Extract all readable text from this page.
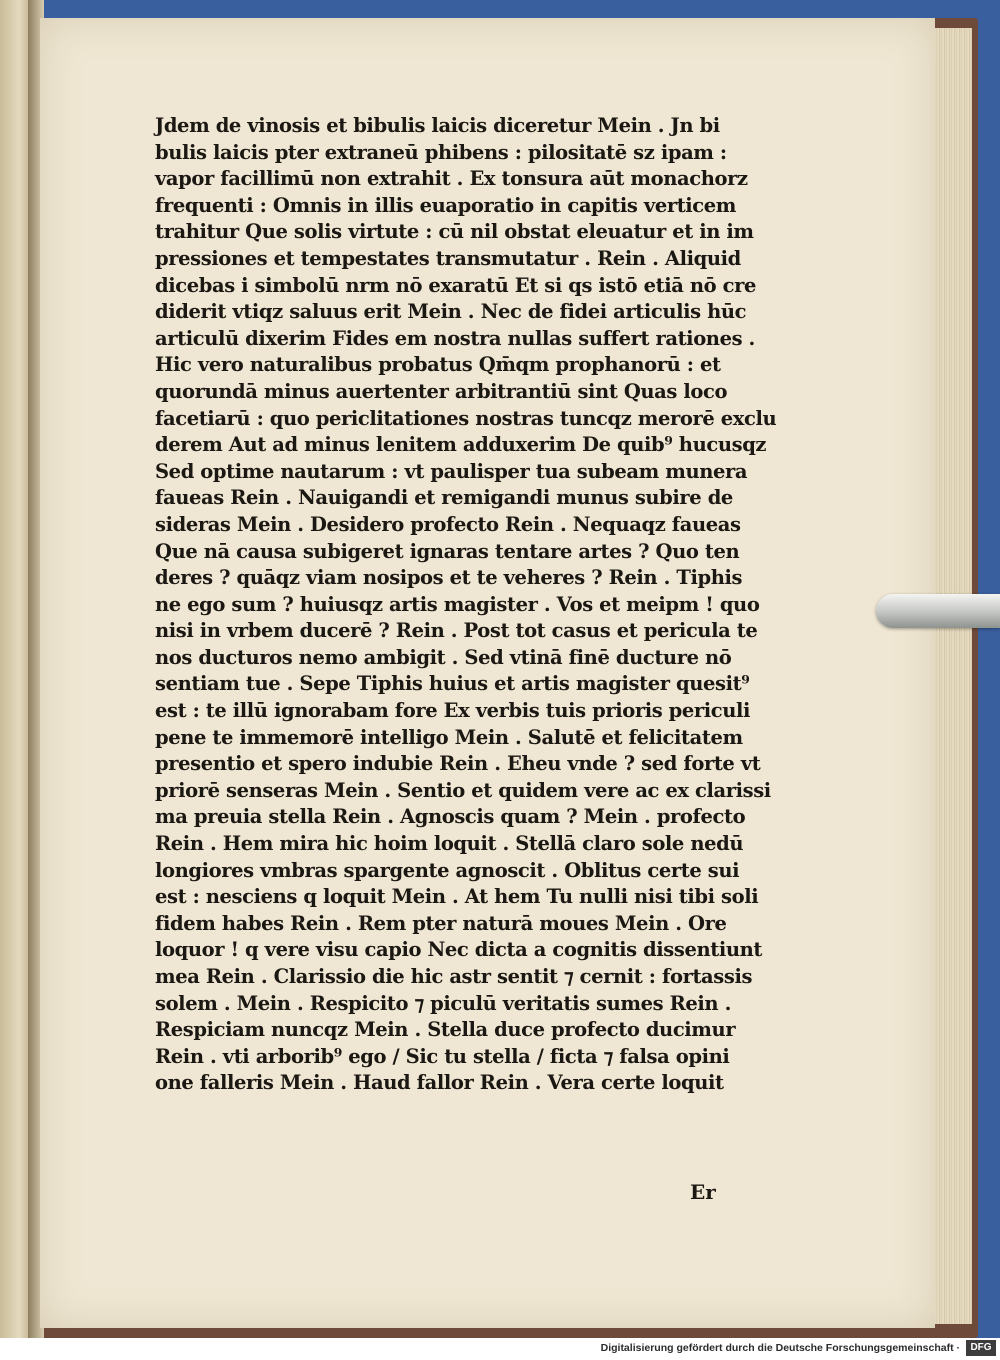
Jdem de vinosis et bibulis laicis diceretur Mein . Jn bi
bulis laicis pter extraneū phibens : pilositatē sz ipam :
vapor facillimū non extrahit . Ex tonsura aūt monachorz
frequenti : Omnis in illis euaporatio in capitis verticem
trahitur Que solis virtute : cū nil obstat eleuatur et in im
pressiones et tempestates transmutatur . Rein . Aliquid
dicebas i simbolū nrm nō exaratū Et si qs istō etiā nō cre
diderit vtiqz saluus erit Mein . Nec de fidei articulis hūc
articulū dixerim Fides em nostra nullas suffert rationes .
Hic vero naturalibus probatus Qm̄qm prophanorū : et
quorundā minus auertenter arbitrantiū sint Quas loco
facetiarū : quo periclitationes nostras tuncqz merorē exclu
derem Aut ad minus lenitem adduxerim De quib⁹ hucusqz
Sed optime nautarum : vt paulisper tua subeam munera
faueas Rein . Nauigandi et remigandi munus subire de
sideras Mein . Desidero profecto Rein . Nequaqz faueas
Que nā causa subigeret ignaras tentare artes ? Quo ten
deres ? quāqz viam nosipos et te veheres ? Rein . Tiphis
ne ego sum ? huiusqz artis magister . Vos et meipm ! quo
nisi in vrbem ducerē ? Rein . Post tot casus et pericula te
nos ducturos nemo ambigit . Sed vtinā finē ducture nō
sentiam tue . Sepe Tiphis huius et artis magister quesit⁹
est : te illū ignorabam fore Ex verbis tuis prioris periculi
pene te immemorē intelligo Mein . Salutē et felicitatem
presentio et spero indubie Rein . Eheu vnde ? sed forte vt
priorē senseras Mein . Sentio et quidem vere ac ex clarissi
ma preuia stella Rein . Agnoscis quam ? Mein . profecto
Rein . Hem mira hic hoim loquit . Stellā claro sole nedū
longiores vmbras spargente agnoscit . Oblitus certe sui
est : nesciens q loquit Mein . At hem Tu nulli nisi tibi soli
fidem habes Rein . Rem pter naturā moues Mein . Ore
loquor ! q vere visu capio Nec dicta a cognitis dissentiunt
mea Rein . Clarissio die hic astr sentit ⁊ cernit : fortassis
solem . Mein . Respicito ⁊ piculū veritatis sumes Rein .
Respiciam nuncqz Mein . Stella duce profecto ducimur
Rein . vti arborib⁹ ego / Sic tu stella / ficta ⁊ falsa opini
one falleris Mein . Haud fallor Rein . Vera certe loquit
Er
Digitalisierung gefördert durch die Deutsche Forschungsgemeinschaft ·	DFG
